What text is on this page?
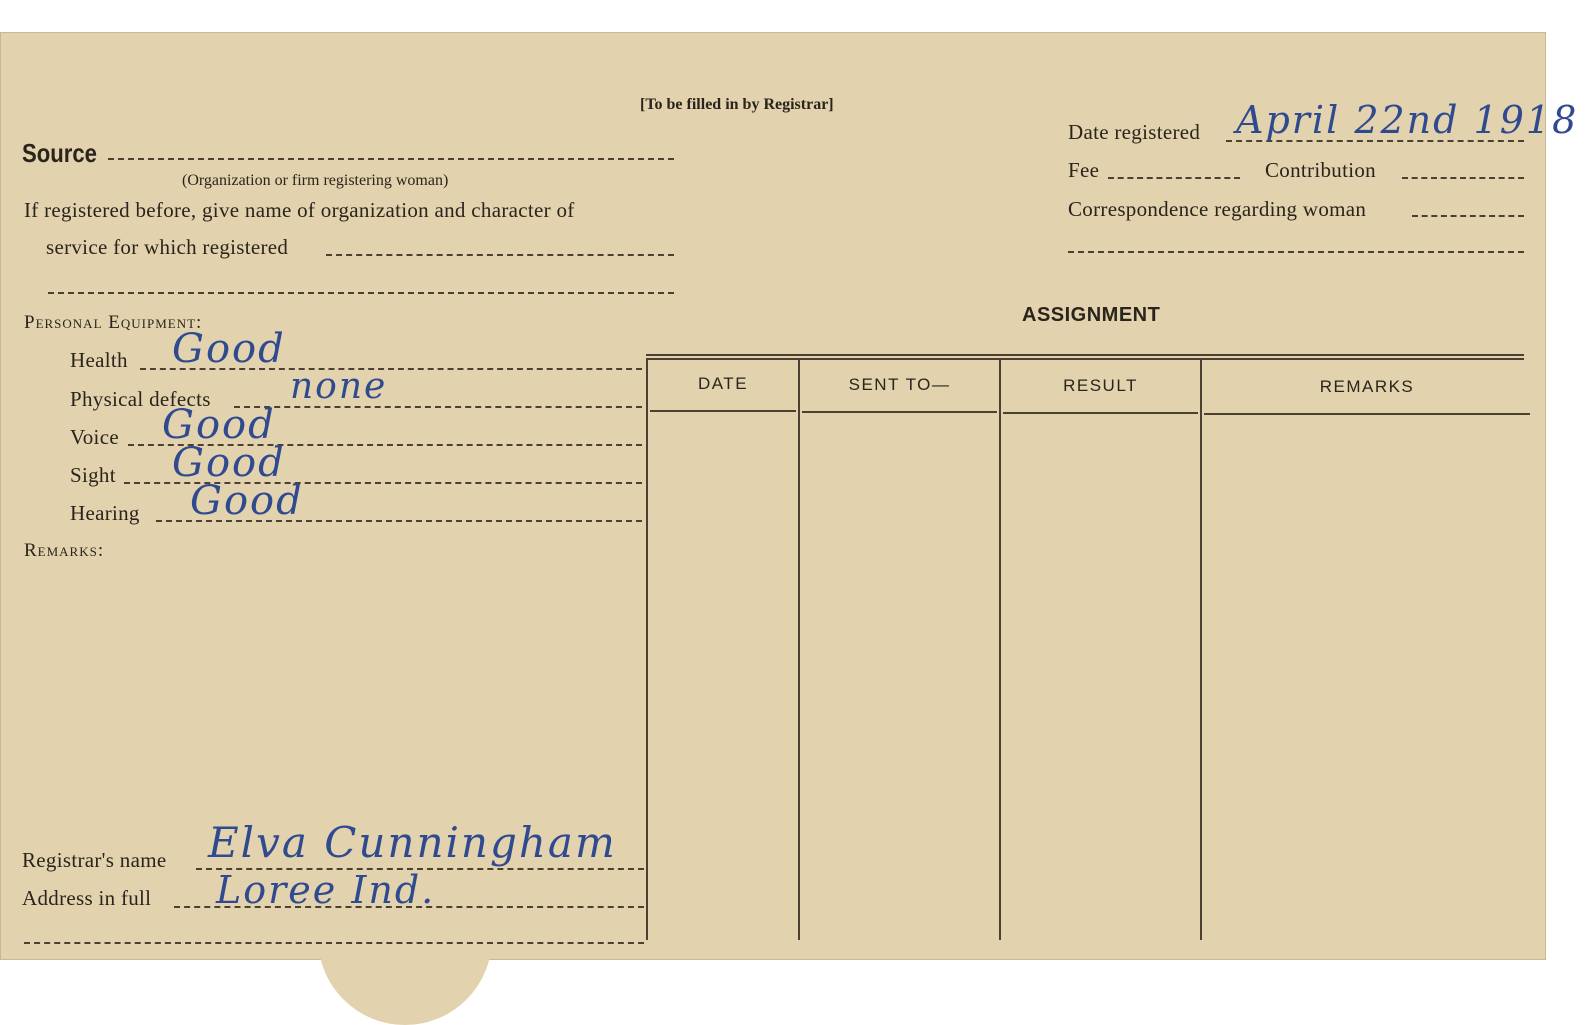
[To be filled in by Registrar]
Source
(Organization or firm registering woman)
If registered before, give name of organization and character of
service for which registered
Date registered April 22nd 1918
Fee	Contribution
Correspondence regarding woman
Personal Equipment:
Health Good
Physical defects none
Voice Good
Sight Good
Hearing Good
Remarks:
Registrar's name Elva Cunningham
Address in full Loree Ind.
ASSIGNMENT
DATE	SENT TO—	RESULT	REMARKS
